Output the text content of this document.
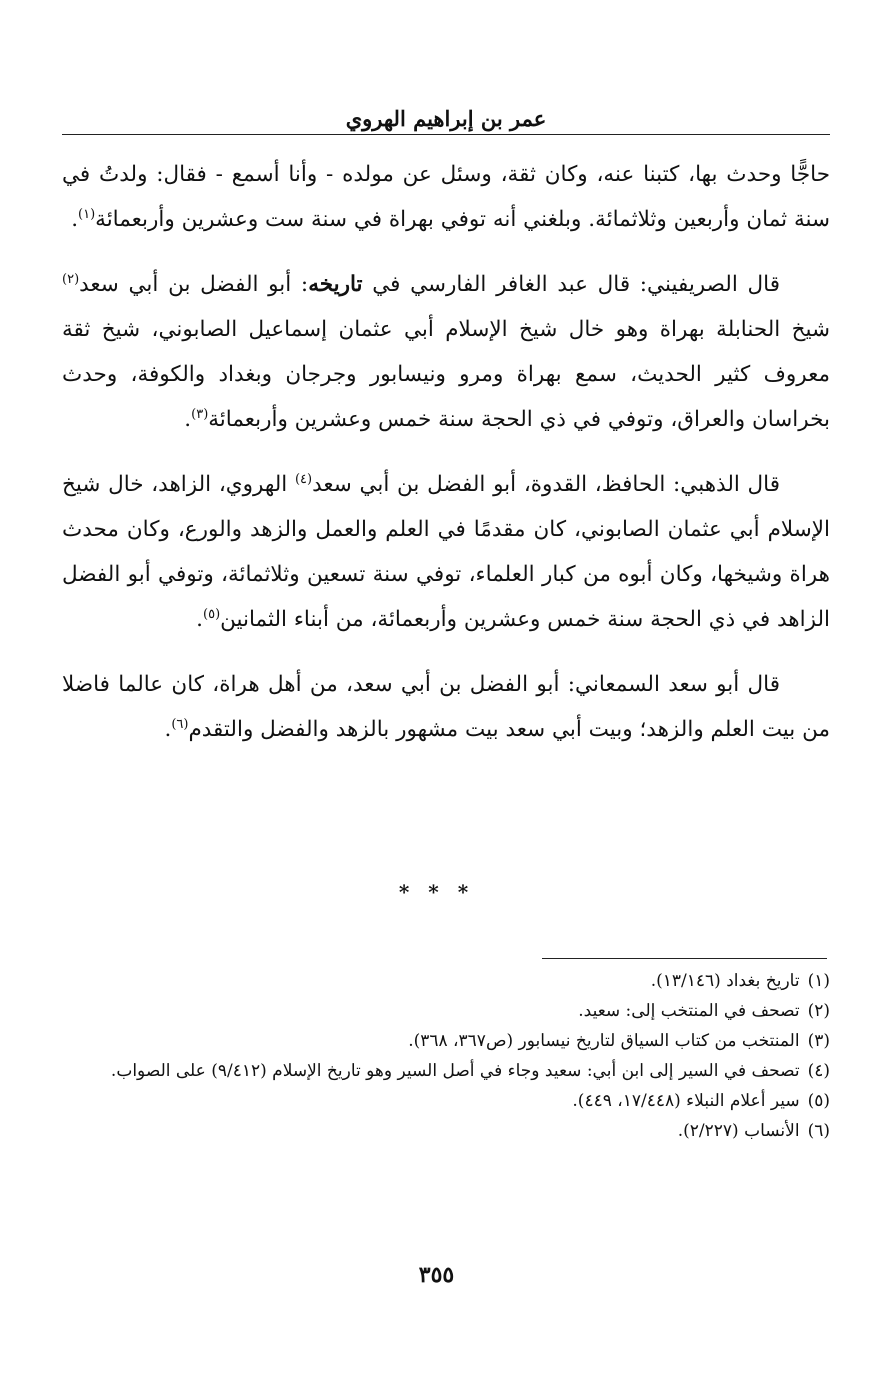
عمر بن إبراهيم الهروي

حاجًّا وحدث بها، كتبنا عنه، وكان ثقة، وسئل عن مولده - وأنا أسمع - فقال: ولدتُ في سنة ثمان وأربعين وثلاثمائة. وبلغني أنه توفي بهراة في سنة ست وعشرين وأربعمائة$^{(١)}$.

قال الصريفيني: قال عبد الغافر الفارسي في تاريخه: أبو الفضل بن أبي سعد$^{(٢)}$ شيخ الحنابلة بهراة وهو خال شيخ الإسلام أبي عثمان إسماعيل الصابوني، شيخ ثقة معروف كثير الحديث، سمع بهراة ومرو ونيسابور وجرجان وبغداد والكوفة، وحدث بخراسان والعراق، وتوفي في ذي الحجة سنة خمس وعشرين وأربعمائة$^{(٣)}$.

قال الذهبي: الحافظ، القدوة، أبو الفضل بن أبي سعد$^{(٤)}$ الهروي، الزاهد، خال شيخ الإسلام أبي عثمان الصابوني، كان مقدمًا في العلم والعمل والزهد والورع، وكان محدث هراة وشيخها، وكان أبوه من كبار العلماء، توفي سنة تسعين وثلاثمائة، وتوفي أبو الفضل الزاهد في ذي الحجة سنة خمس وعشرين وأربعمائة، من أبناء الثمانين$^{(٥)}$.

قال أبو سعد السمعاني: أبو الفضل بن أبي سعد، من أهل هراة، كان عالما فاضلا من بيت العلم والزهد؛ وبيت أبي سعد بيت مشهور بالزهد والفضل والتقدم$^{(٦)}$.

* * *
(١)
تاريخ بغداد (١٣/١٤٦).
(٢)
تصحف في المنتخب إلى: سعيد.
(٣)
المنتخب من كتاب السياق لتاريخ نيسابور (ص٣٦٧، ٣٦٨).
(٤)
تصحف في السير إلى ابن أبي: سعيد وجاء في أصل السير وهو تاريخ الإسلام (٩/٤١٢) على الصواب.
(٥)
سير أعلام النبلاء (١٧/٤٤٨، ٤٤٩).
(٦)
الأنساب (٢/٢٢٧).
٣٥٥
